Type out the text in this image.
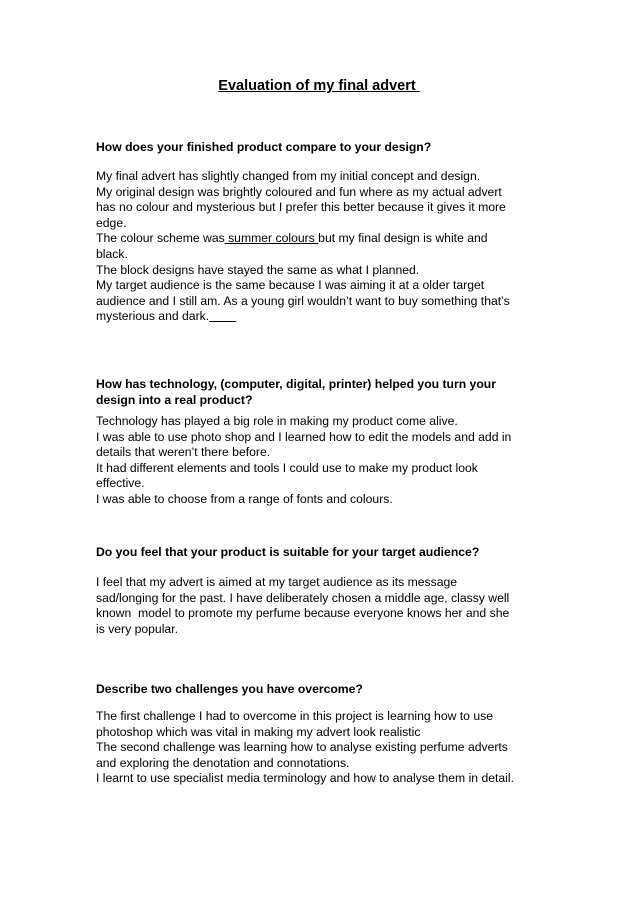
Evaluation of my final advert
How does your finished product compare to your design?
My final advert has slightly changed from my initial concept and design.
My original design was brightly coloured and fun where as my actual advert
has no colour and mysterious but I prefer this better because it gives it more
edge.
The colour scheme was summer colours but my final design is white and
black.
The block designs have stayed the same as what I planned.
My target audience is the same because I was aiming it at a older target
audience and I still am. As a young girl wouldn’t want to buy something that’s
mysterious and dark.
How has technology, (computer, digital, printer) helped you turn your
design into a real product?
Technology has played a big role in making my product come alive.
I was able to use photo shop and I learned how to edit the models and add in
details that weren’t there before.
It had different elements and tools I could use to make my product look
effective.
I was able to choose from a range of fonts and colours.
Do you feel that your product is suitable for your target audience?
I feel that my advert is aimed at my target audience as its message
sad/longing for the past. I have deliberately chosen a middle age, classy well
known  model to promote my perfume because everyone knows her and she
is very popular.
Describe two challenges you have overcome?
The first challenge I had to overcome in this project is learning how to use
photoshop which was vital in making my advert look realistic
The second challenge was learning how to analyse existing perfume adverts
and exploring the denotation and connotations.
I learnt to use specialist media terminology and how to analyse them in detail.
